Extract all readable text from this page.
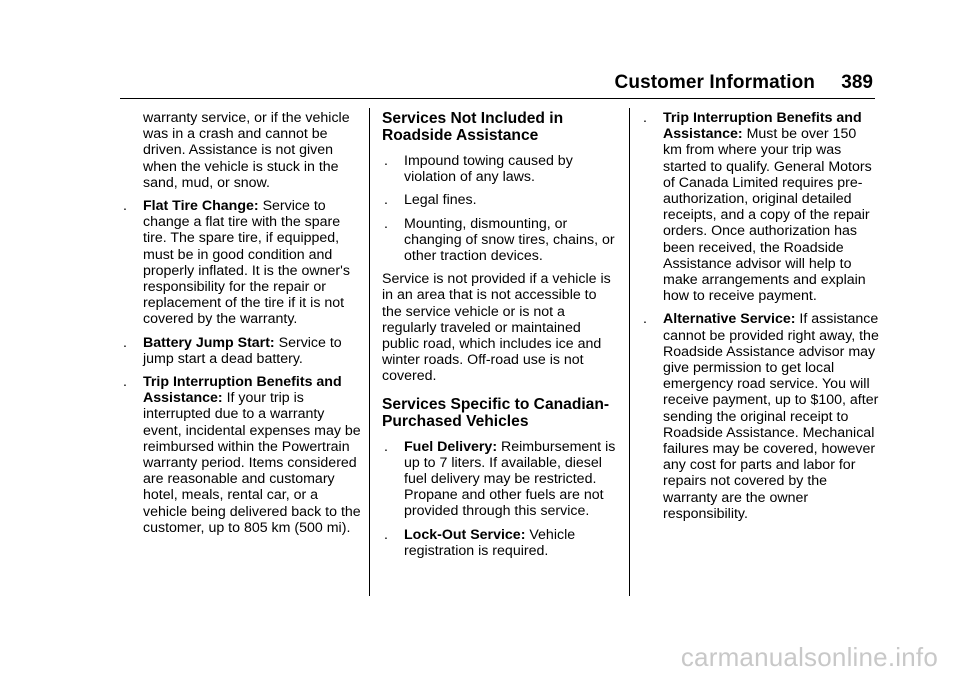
Customer Information 389

warranty service, or if the vehicle was in a crash and cannot be driven. Assistance is not given when the vehicle is stuck in the sand, mud, or snow.

. Flat Tire Change: Service to change a flat tire with the spare tire. The spare tire, if equipped, must be in good condition and properly inflated. It is the owner's responsibility for the repair or replacement of the tire if it is not covered by the warranty.
. Battery Jump Start: Service to jump start a dead battery.
. Trip Interruption Benefits and Assistance: If your trip is interrupted due to a warranty event, incidental expenses may be reimbursed within the Powertrain warranty period. Items considered are reasonable and customary hotel, meals, rental car, or a vehicle being delivered back to the customer, up to 805 km (500 mi).
Services Not Included in Roadside Assistance
. Impound towing caused by violation of any laws.
. Legal fines.
. Mounting, dismounting, or changing of snow tires, chains, or other traction devices.

Service is not provided if a vehicle is in an area that is not accessible to the service vehicle or is not a regularly traveled or maintained public road, which includes ice and winter roads. Off-road use is not covered.

Services Specific to Canadian-Purchased Vehicles
. Fuel Delivery: Reimbursement is up to 7 liters. If available, diesel fuel delivery may be restricted. Propane and other fuels are not provided through this service.
. Lock-Out Service: Vehicle registration is required.
. Trip Interruption Benefits and Assistance: Must be over 150 km from where your trip was started to qualify. General Motors of Canada Limited requires pre-authorization, original detailed receipts, and a copy of the repair orders. Once authorization has been received, the Roadside Assistance advisor will help to make arrangements and explain how to receive payment.
. Alternative Service: If assistance cannot be provided right away, the Roadside Assistance advisor may give permission to get local emergency road service. You will receive payment, up to $100, after sending the original receipt to Roadside Assistance. Mechanical failures may be covered, however any cost for parts and labor for repairs not covered by the warranty are the owner responsibility.
carmanualsonline.info
